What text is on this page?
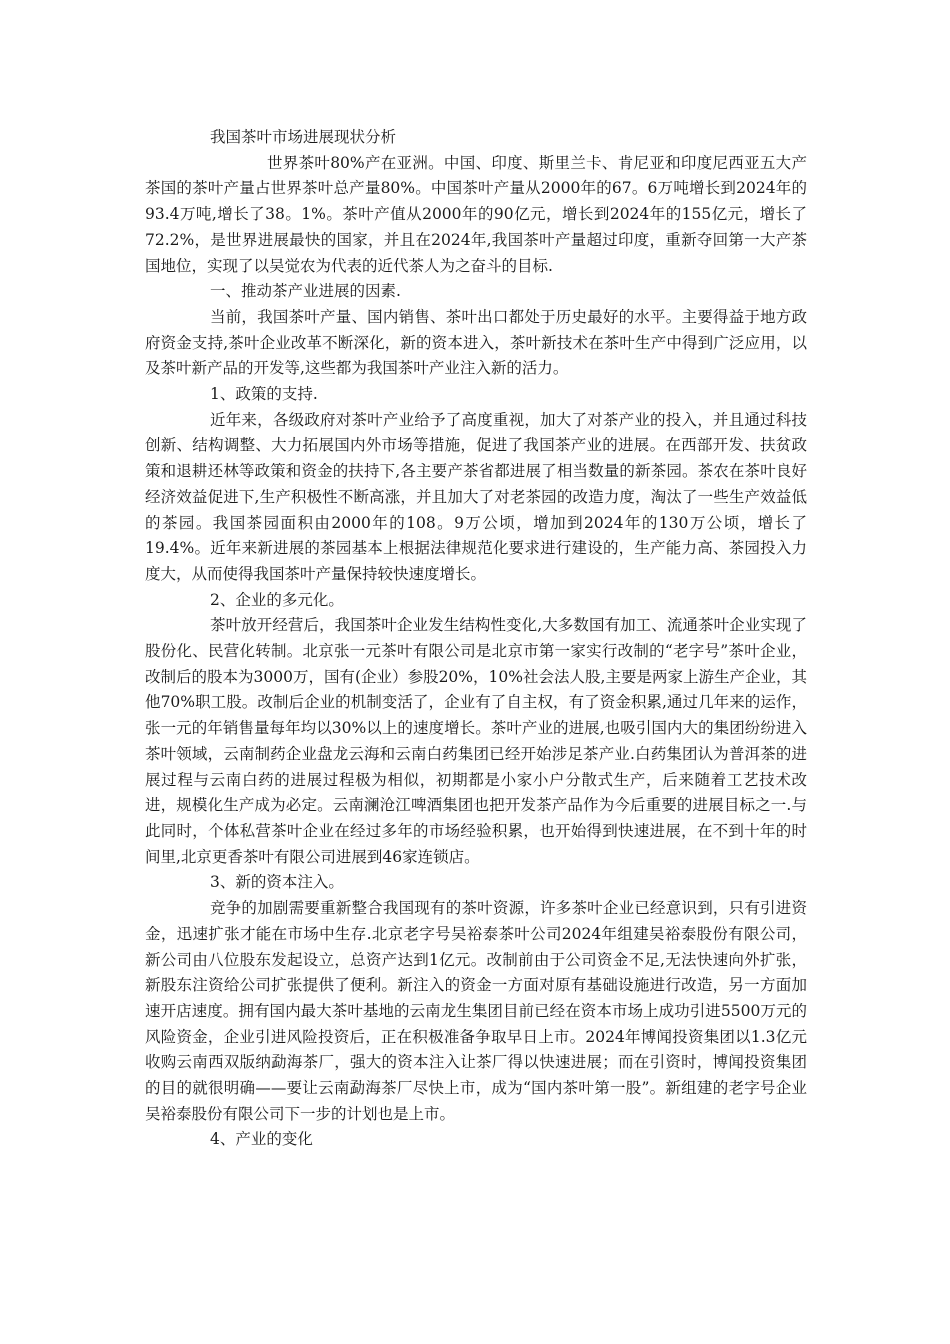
我国茶叶市场进展现状分析

世界茶叶80%产在亚洲。中国、印度、斯里兰卡、肯尼亚和印度尼西亚五大产茶国的茶叶产量占世界茶叶总产量80%。中国茶叶产量从2000年的67。6万吨增长到2024年的93.4万吨,增长了38。1%。茶叶产值从2000年的90亿元，增长到2024年的155亿元，增长了72.2%，是世界进展最快的国家，并且在2024年,我国茶叶产量超过印度，重新夺回第一大产茶国地位，实现了以吴觉农为代表的近代茶人为之奋斗的目标.

一、推动茶产业进展的因素.

当前，我国茶叶产量、国内销售、茶叶出口都处于历史最好的水平。主要得益于地方政府资金支持,茶叶企业改革不断深化，新的资本进入，茶叶新技术在茶叶生产中得到广泛应用，以及茶叶新产品的开发等,这些都为我国茶叶产业注入新的活力。

1、政策的支持.

近年来，各级政府对茶叶产业给予了高度重视，加大了对茶产业的投入，并且通过科技创新、结构调整、大力拓展国内外市场等措施，促进了我国茶产业的进展。在西部开发、扶贫政策和退耕还林等政策和资金的扶持下,各主要产茶省都进展了相当数量的新茶园。茶农在茶叶良好经济效益促进下,生产积极性不断高涨，并且加大了对老茶园的改造力度，淘汰了一些生产效益低的茶园。我国茶园面积由2000年的108。9万公顷，增加到2024年的130万公顷，增长了19.4%。近年来新进展的茶园基本上根据法律规范化要求进行建设的，生产能力高、茶园投入力度大，从而使得我国茶叶产量保持较快速度增长。

2、企业的多元化。

茶叶放开经营后，我国茶叶企业发生结构性变化,大多数国有加工、流通茶叶企业实现了股份化、民营化转制。北京张一元茶叶有限公司是北京市第一家实行改制的“老字号”茶叶企业，改制后的股本为3000万，国有(企业）参股20%，10%社会法人股,主要是两家上游生产企业，其他70%职工股。改制后企业的机制变活了，企业有了自主权，有了资金积累,通过几年来的运作，张一元的年销售量每年均以30%以上的速度增长。茶叶产业的进展,也吸引国内大的集团纷纷进入茶叶领域，云南制药企业盘龙云海和云南白药集团已经开始涉足茶产业.白药集团认为普洱茶的进展过程与云南白药的进展过程极为相似，初期都是小家小户分散式生产，后来随着工艺技术改进，规模化生产成为必定。云南澜沧江啤酒集团也把开发茶产品作为今后重要的进展目标之一.与此同时，个体私营茶叶企业在经过多年的市场经验积累，也开始得到快速进展，在不到十年的时间里,北京更香茶叶有限公司进展到46家连锁店。

3、新的资本注入。

竞争的加剧需要重新整合我国现有的茶叶资源，许多茶叶企业已经意识到，只有引进资金，迅速扩张才能在市场中生存.北京老字号吴裕泰茶叶公司2024年组建吴裕泰股份有限公司，新公司由八位股东发起设立，总资产达到1亿元。改制前由于公司资金不足,无法快速向外扩张，新股东注资给公司扩张提供了便利。新注入的资金一方面对原有基础设施进行改造，另一方面加速开店速度。拥有国内最大茶叶基地的云南龙生集团目前已经在资本市场上成功引进5500万元的风险资金，企业引进风险投资后，正在积极准备争取早日上市。2024年博闻投资集团以1.3亿元收购云南西双版纳勐海茶厂，强大的资本注入让茶厂得以快速进展；而在引资时，博闻投资集团的目的就很明确——要让云南勐海茶厂尽快上市，成为“国内茶叶第一股”。新组建的老字号企业吴裕泰股份有限公司下一步的计划也是上市。

4、产业的变化
